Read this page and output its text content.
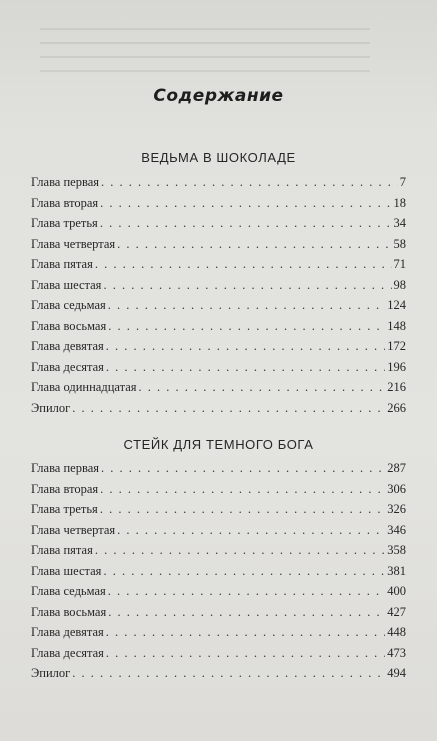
Содержание
ВЕДЬМА В ШОКОЛАДЕ
Глава первая . . .	7
Глава вторая . . .	18
Глава третья . . .	34
Глава четвертая . . .	58
Глава пятая . . .	71
Глава шестая . . .	98
Глава седьмая . . .	124
Глава восьмая . . .	148
Глава девятая . . .	172
Глава десятая . . .	196
Глава одиннадцатая . . .	216
Эпилог . . .	266
СТЕЙК ДЛЯ ТЕМНОГО БОГА
Глава первая . . .	287
Глава вторая . . .	306
Глава третья . . .	326
Глава четвертая . . .	346
Глава пятая . . .	358
Глава шестая . . .	381
Глава седьмая . . .	400
Глава восьмая . . .	427
Глава девятая . . .	448
Глава десятая . . .	473
Эпилог . . .	494
